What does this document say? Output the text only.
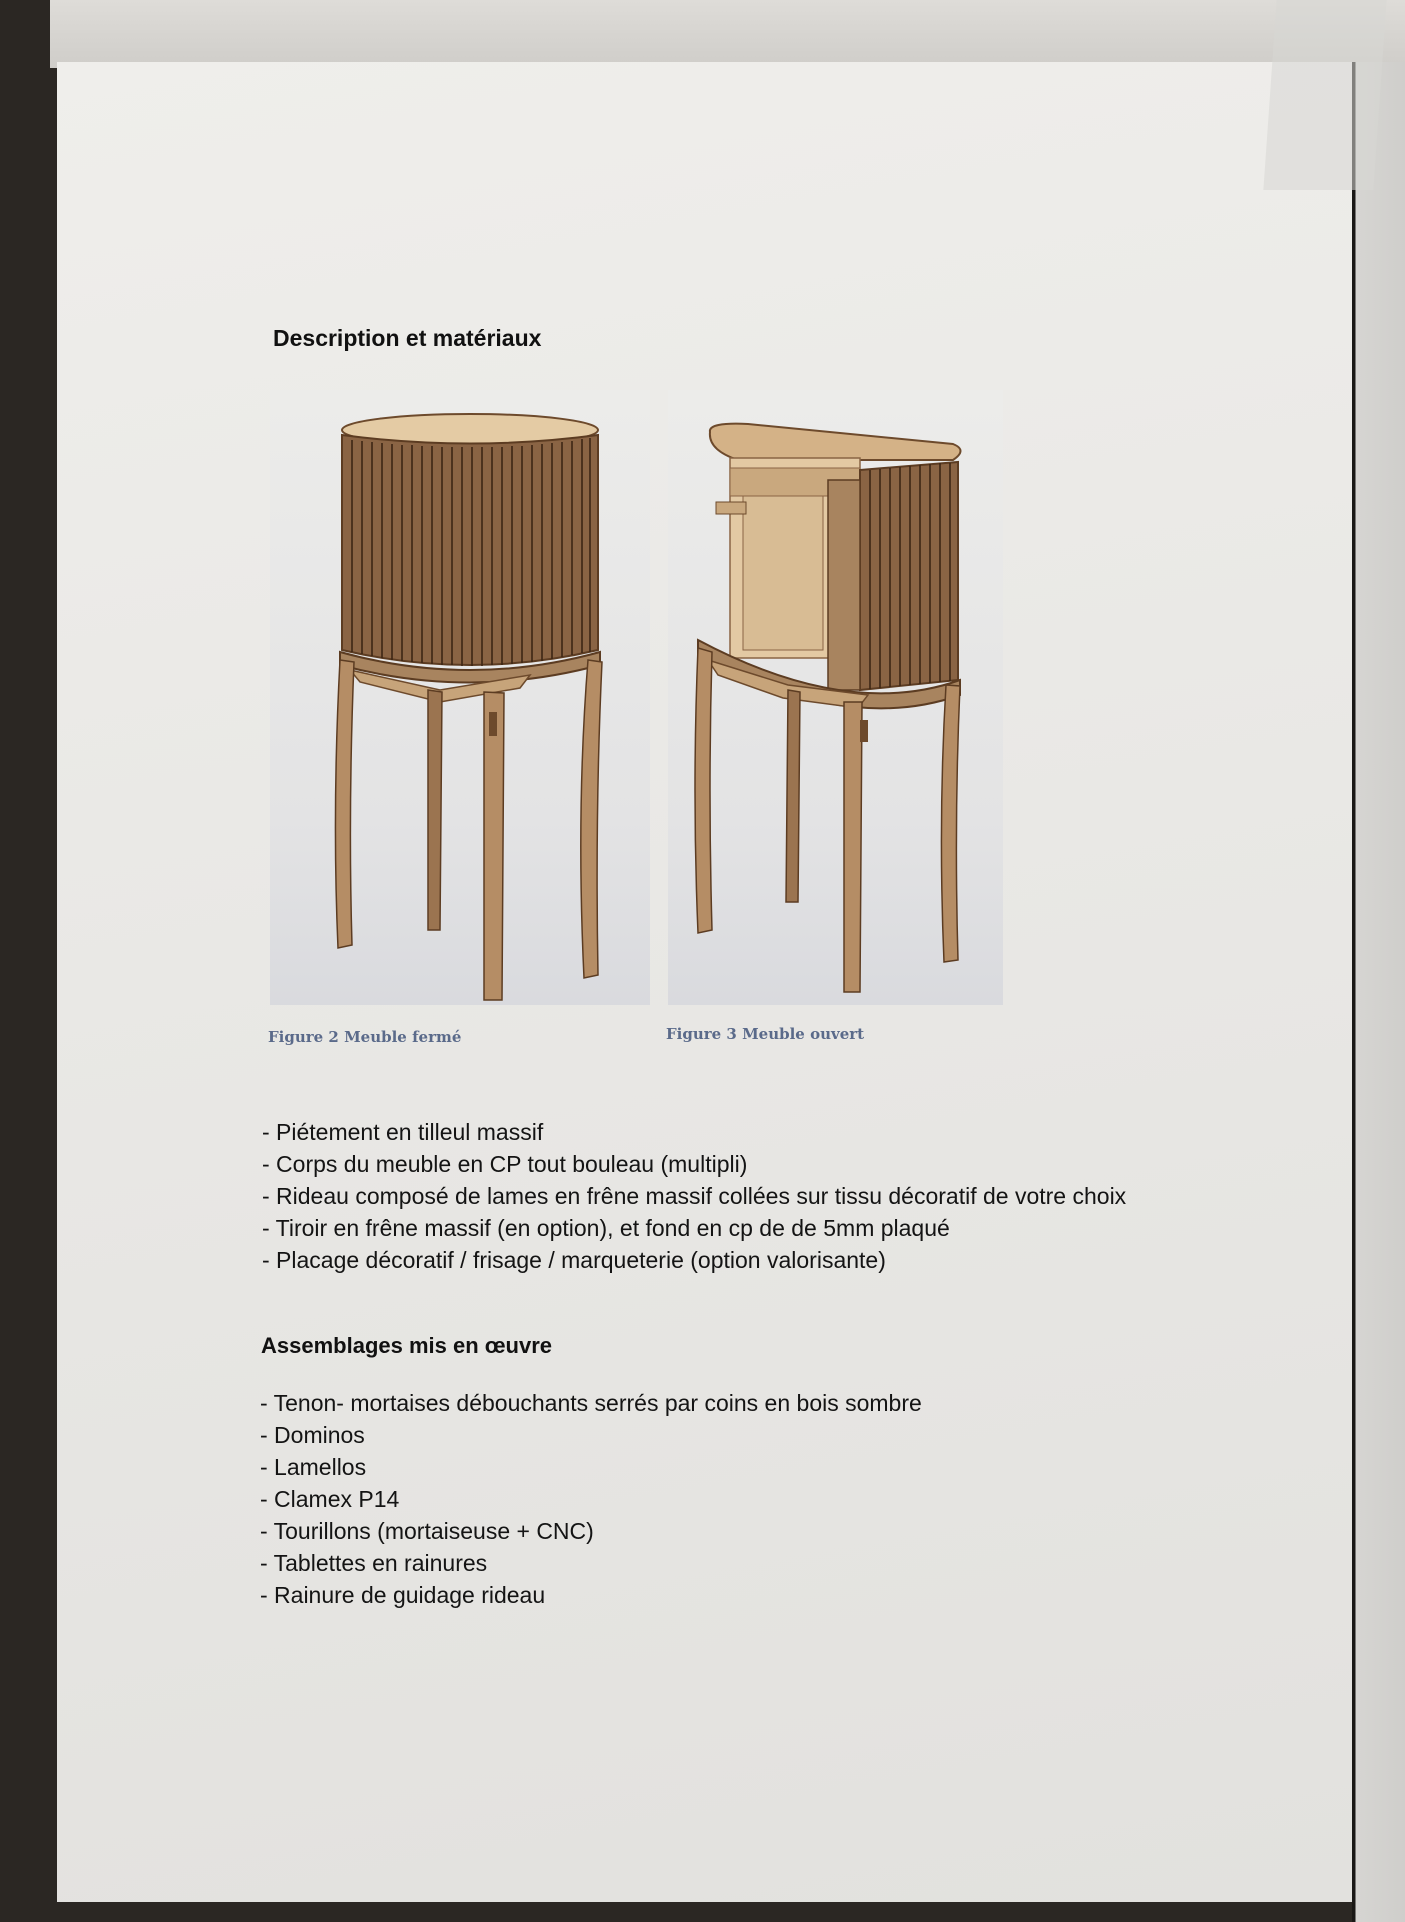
Description et matériaux
Figure 2 Meuble fermé	Figure 3 Meuble ouvert
- Piétement en tilleul massif
- Corps du meuble en CP tout bouleau (multipli)
- Rideau composé de lames en frêne massif collées sur tissu décoratif de votre choix
- Tiroir en frêne massif (en option), et fond en cp de de 5mm plaqué
- Placage décoratif / frisage / marqueterie (option valorisante)
Assemblages mis en œuvre
- Tenon- mortaises débouchants serrés par coins en bois sombre
- Dominos
- Lamellos
- Clamex P14
- Tourillons (mortaiseuse + CNC)
- Tablettes en rainures
- Rainure de guidage rideau
